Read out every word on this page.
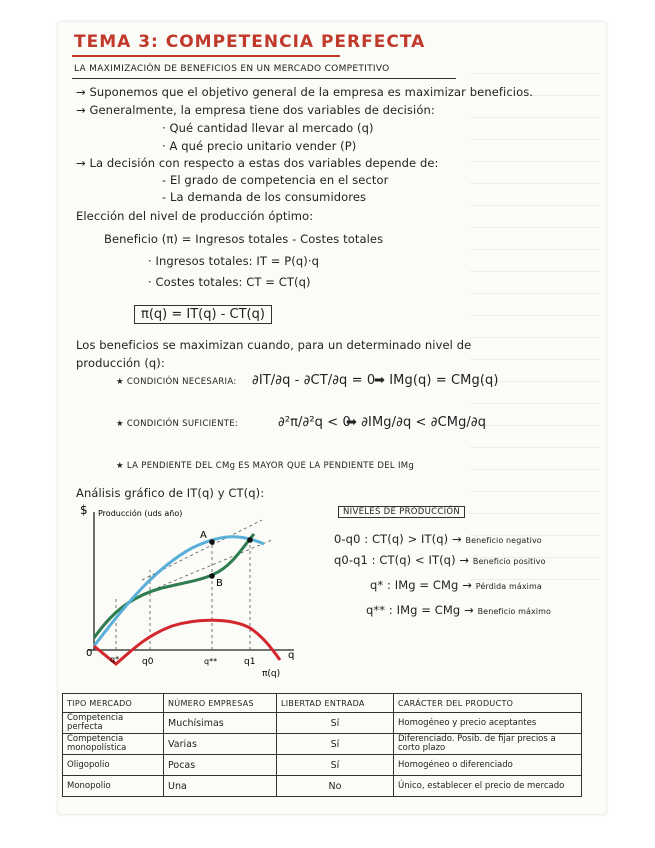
TEMA 3: COMPETENCIA PERFECTA
LA MAXIMIZACIÓN DE BENEFICIOS EN UN MERCADO COMPETITIVO
→ Suponemos que el objetivo general de la empresa es maximizar beneficios.
→ Generalmente, la empresa tiene dos variables de decisión:
· Qué cantidad llevar al mercado (q)
· A qué precio unitario vender (P)
→ La decisión con respecto a estas dos variables depende de:
- El grado de competencia en el sector
- La demanda de los consumidores
Elección del nivel de producción óptimo:
Beneficio (π) = Ingresos totales - Costes totales
· Ingresos totales: IT = P(q)·q
· Costes totales: CT = CT(q)
π(q) = IT(q) - CT(q)
Los beneficios se maximizan cuando, para un determinado nivel de
producción (q):
★ CONDICIÓN NECESARIA: ∂IT/∂q - ∂CT/∂q = 0
➡ IMg(q) = CMg(q)
★ CONDICIÓN SUFICIENTE:	∂²π/∂²q < 0
➡ ∂IMg/∂q < ∂CMg/∂q
★ LA PENDIENTE DEL CMg ES MAYOR QUE LA PENDIENTE DEL IMg
Análisis gráfico de IT(q) y CT(q):
$ Producción (uds año)
0	q
A
B
q*	q0	q**	q1
π(q)
NIVELES DE PRODUCCIÓN
0-q0 : CT(q) > IT(q) → Beneficio negativo
q0-q1 : CT(q) < IT(q) → Beneficio positivo
q* : IMg = CMg → Pérdida máxima
q** : IMg = CMg → Beneficio máximo
TIPO MERCADO	NÚMERO EMPRESAS	LIBERTAD ENTRADA	CARÁCTER DEL PRODUCTO
Competencia perfecta	Muchísimas	Sí	Homogéneo y precio aceptantes
Competencia monopolística	Varias	Sí	Diferenciado. Posib. de fijar precios a corto plazo
Oligopolio	Pocas	Sí	Homogéneo o diferenciado
Monopolio	Una	No	Único, establecer el precio de mercado
